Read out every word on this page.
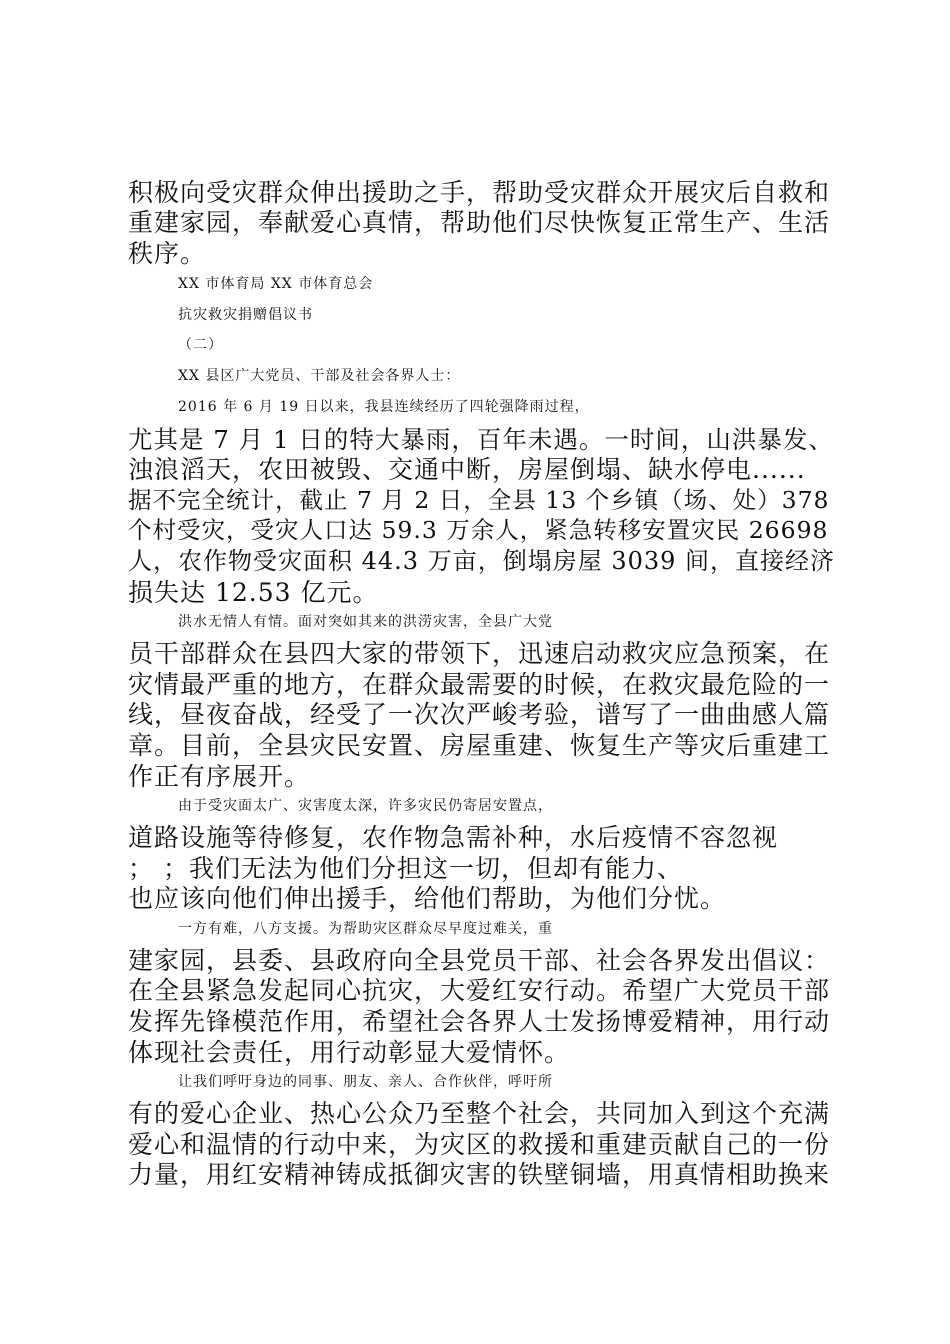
积极向受灾群众伸出援助之手，帮助受灾群众开展灾后自救和
重建家园，奉献爱心真情，帮助他们尽快恢复正常生产、生活
秩序。
XX 市体育局 XX 市体育总会
抗灾救灾捐赠倡议书
（二）
XX 县区广大党员、干部及社会各界人士：
2016 年 6 月 19 日以来，我县连续经历了四轮强降雨过程，
尤其是 7 月 1 日的特大暴雨，百年未遇。一时间，山洪暴发、
浊浪滔天，农田被毁、交通中断，房屋倒塌、缺水停电......
据不完全统计，截止 7 月 2 日，全县 13 个乡镇（场、处）378
个村受灾，受灾人口达 59.3 万余人，紧急转移安置灾民 26698
人，农作物受灾面积 44.3 万亩，倒塌房屋 3039 间，直接经济
损失达 12.53 亿元。
洪水无情人有情。面对突如其来的洪涝灾害，全县广大党
员干部群众在县四大家的带领下，迅速启动救灾应急预案，在
灾情最严重的地方，在群众最需要的时候，在救灾最危险的一
线，昼夜奋战，经受了一次次严峻考验，谱写了一曲曲感人篇
章。目前，全县灾民安置、房屋重建、恢复生产等灾后重建工
作正有序展开。
由于受灾面太广、灾害度太深，许多灾民仍寄居安置点，
道路设施等待修复，农作物急需补种，水后疫情不容忽视
； ；我们无法为他们分担这一切，但却有能力、
也应该向他们伸出援手，给他们帮助，为他们分忧。
一方有难，八方支援。为帮助灾区群众尽早度过难关，重
建家园，县委、县政府向全县党员干部、社会各界发出倡议：
在全县紧急发起同心抗灾，大爱红安行动。希望广大党员干部
发挥先锋模范作用，希望社会各界人士发扬博爱精神，用行动
体现社会责任，用行动彰显大爱情怀。
让我们呼吁身边的同事、朋友、亲人、合作伙伴，呼吁所
有的爱心企业、热心公众乃至整个社会，共同加入到这个充满
爱心和温情的行动中来，为灾区的救援和重建贡献自己的一份
力量，用红安精神铸成抵御灾害的铁壁铜墙，用真情相助换来
